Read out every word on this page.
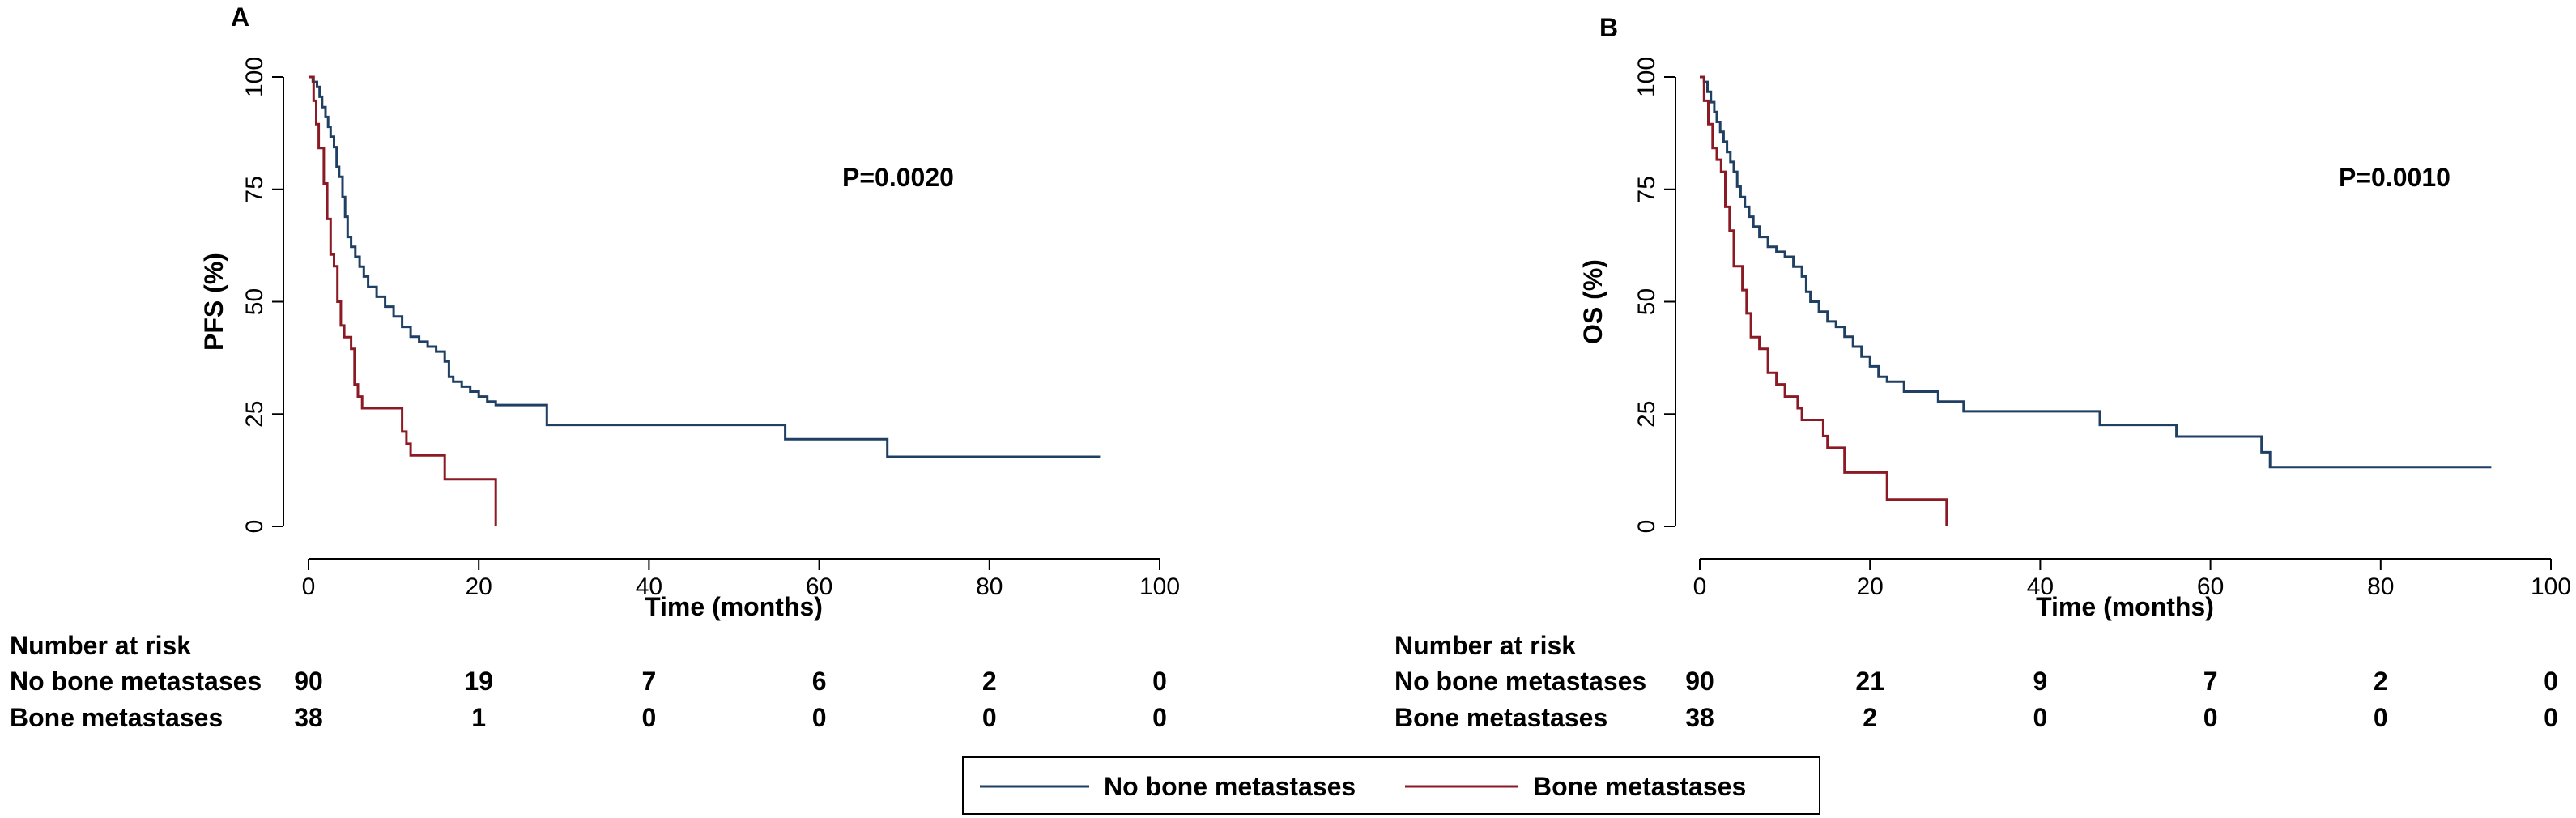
No bone metastases	Bone metastases
A
0	20	40	60	80	100
0
25
50
75
100
PFS (%)
Time (months)
P=0.0020
Number at risk
No bone metastases 90	19	7	6	2	0
Bone metastases	38	1	0	0	0	0
B
0	20	40	60	80	100
0
25
50
75
100
OS (%)
Time (months)
P=0.0010
Number at risk
No bone metastases 90	21	9	7	2	0
Bone metastases	38	2	0	0	0	0
